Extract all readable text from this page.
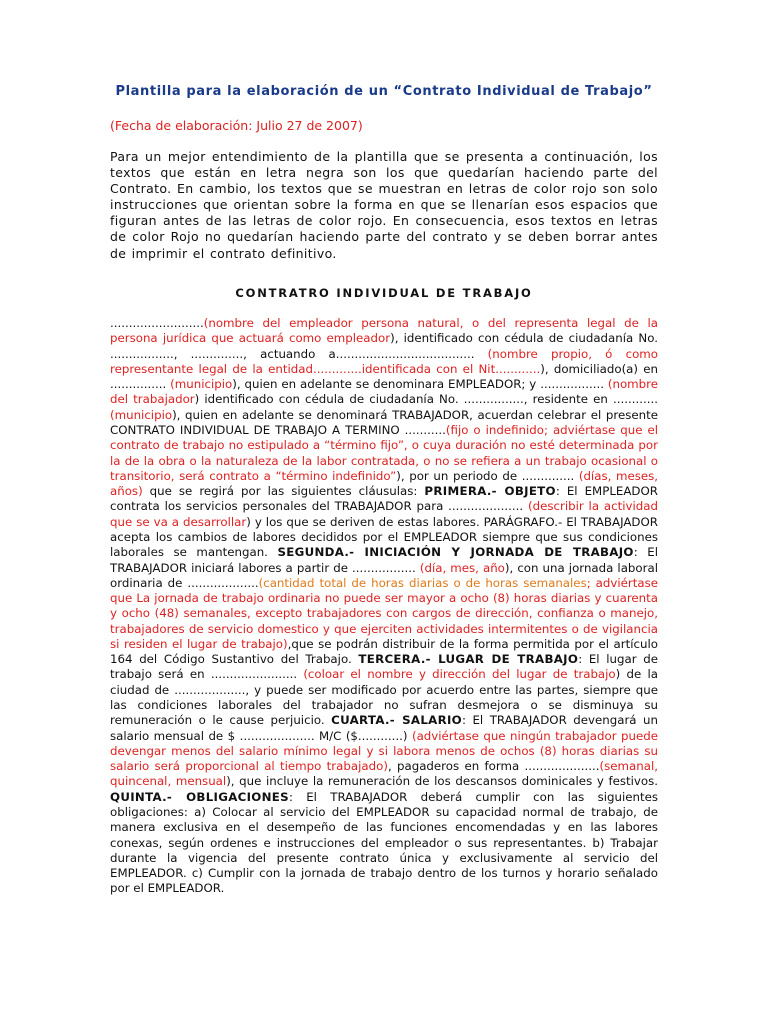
Plantilla para la elaboración de un “Contrato Individual de Trabajo”
(Fecha de elaboración: Julio 27 de 2007)

Para un mejor entendimiento de la plantilla que se presenta a continuación, los textos que están en letra negra son los que quedarían haciendo parte del Contrato. En cambio, los textos que se muestran en letras de color rojo son solo instrucciones que orientan sobre la forma en que se llenarían esos espacios que figuran antes de las letras de color rojo. En consecuencia, esos textos en letras de color Rojo no quedarían haciendo parte del contrato y se deben borrar antes de imprimir el contrato definitivo.

CONTRATRO INDIVIDUAL DE TRABAJO

.........................(nombre del empleador persona natural, o del representa legal de la persona jurídica que actuará como empleador), identificado con cédula de ciudadanía No. ................., .............., actuando a..................................... (nombre propio, ó como representante legal de la entidad.............identificada con el Nit............), domiciliado(a) en ............... (municipio), quien en adelante se denominara EMPLEADOR; y ................. (nombre del trabajador) identificado con cédula de ciudadanía No. ................, residente en ............ (municipio), quien en adelante se denominará TRABAJADOR, acuerdan celebrar el presente CONTRATO INDIVIDUAL DE TRABAJO A TERMINO ...........(fijo o indefinido; adviértase que el contrato de trabajo no estipulado a “término fijo”, o cuya duración no esté determinada por la de la obra o la naturaleza de la labor contratada, o no se refiera a un trabajo ocasional o transitorio, será contrato a “término indefinido”), por un periodo de .............. (días, meses, años) que se regirá por las siguientes cláusulas: PRIMERA.- OBJETO: El EMPLEADOR contrata los servicios personales del TRABAJADOR para .................... (describir la actividad que se va a desarrollar) y los que se deriven de estas labores. PARÁGRAFO.- El TRABAJADOR acepta los cambios de labores decididos por el EMPLEADOR siempre que sus condiciones laborales se mantengan. SEGUNDA.- INICIACIÓN Y JORNADA DE TRABAJO: El TRABAJADOR iniciará labores a partir de ................. (día, mes, año), con una jornada laboral ordinaria de ...................(cantidad total de horas diarias o de horas semanales; adviértase que La jornada de trabajo ordinaria no puede ser mayor a ocho (8) horas diarias y cuarenta y ocho (48) semanales, excepto trabajadores con cargos de dirección, confianza o manejo, trabajadores de servicio domestico y que ejerciten actividades intermitentes o de vigilancia si residen el lugar de trabajo),que se podrán distribuir de la forma permitida por el artículo 164 del Código Sustantivo del Trabajo. TERCERA.- LUGAR DE TRABAJO: El lugar de trabajo será en ....................... (coloar el nombre y dirección del lugar de trabajo) de la ciudad de ..................., y puede ser modificado por acuerdo entre las partes, siempre que las condiciones laborales del trabajador no sufran desmejora o se disminuya su remuneración o le cause perjuicio. CUARTA.- SALARIO: El TRABAJADOR devengará un salario mensual de $ .................... M/C ($............) (adviértase que ningún trabajador puede devengar menos del salario mínimo legal y si labora menos de ochos (8) horas diarias su salario será proporcional al tiempo trabajado), pagaderos en forma ....................(semanal, quincenal, mensual), que incluye la remuneración de los descansos dominicales y festivos. QUINTA.- OBLIGACIONES: El TRABAJADOR deberá cumplir con las siguientes obligaciones: a) Colocar al servicio del EMPLEADOR su capacidad normal de trabajo, de manera exclusiva en el desempeño de las funciones encomendadas y en las labores conexas, según ordenes e instrucciones del empleador o sus representantes. b) Trabajar durante la vigencia del presente contrato única y exclusivamente al servicio del EMPLEADOR. c) Cumplir con la jornada de trabajo dentro de los turnos y horario señalado por el EMPLEADOR.
